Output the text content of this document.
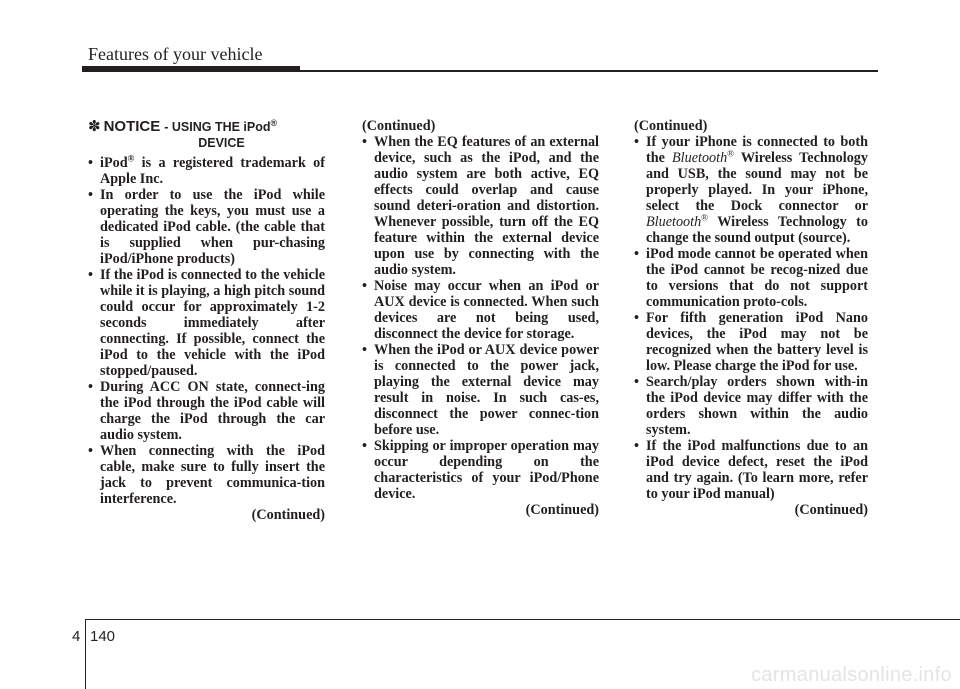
Features of your vehicle
✽ NOTICE - USING THE iPod®
DEVICE
• iPod® is a registered trademark of Apple Inc.
• In order to use the iPod while operating the keys, you must use a dedicated iPod cable. (the cable that is supplied when pur-chasing iPod/iPhone products)
• If the iPod is connected to the vehicle while it is playing, a high pitch sound could occur for approximately 1-2 seconds immediately after connecting. If possible, connect the iPod to the vehicle with the iPod stopped/paused.
• During ACC ON state, connect-ing the iPod through the iPod cable will charge the iPod through the car audio system.
• When connecting with the iPod cable, make sure to fully insert the jack to prevent communica-tion interference.
(Continued)
(Continued)
• When the EQ features of an external device, such as the iPod, and the audio system are both active, EQ effects could overlap and cause sound deteri-oration and distortion. Whenever possible, turn off the EQ feature within the external device upon use by connecting with the audio system.
• Noise may occur when an iPod or AUX device is connected. When such devices are not being used, disconnect the device for storage.
• When the iPod or AUX device power is connected to the power jack, playing the external device may result in noise. In such cas-es, disconnect the power connec-tion before use.
• Skipping or improper operation may occur depending on the characteristics of your iPod/Phone device.
(Continued)
(Continued)
• If your iPhone is connected to both the Bluetooth® Wireless Technology and USB, the sound may not be properly played. In your iPhone, select the Dock connector or Bluetooth® Wireless Technology to change the sound output (source).
• iPod mode cannot be operated when the iPod cannot be recog-nized due to versions that do not support communication proto-cols.
• For fifth generation iPod Nano devices, the iPod may not be recognized when the battery level is low. Please charge the iPod for use.
• Search/play orders shown with-in the iPod device may differ with the orders shown within the audio system.
• If the iPod malfunctions due to an iPod device defect, reset the iPod and try again. (To learn more, refer to your iPod manual)
(Continued)
4 140
carmanualsonline.info
